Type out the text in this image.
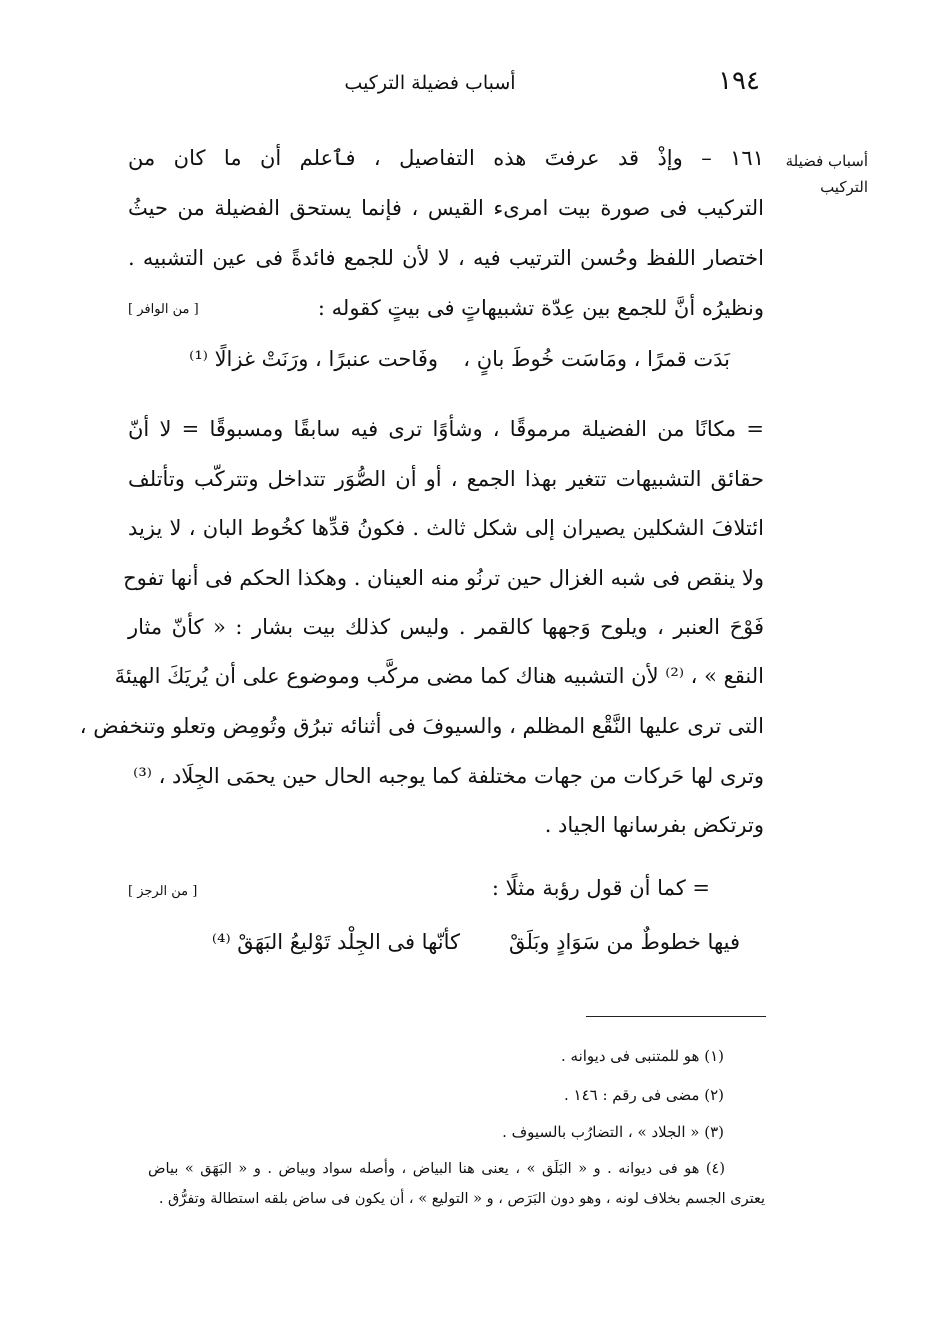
١٩٤
أسباب فضيلة التركيب
أسباب فضيلة
التركيب
١٦١ – وإذْ قد عرفتَ هذه التفاصيل ، فٱعلم أن ما كان من
التركيب فى صورة بيت امرىء القيس ، فإنما يستحق الفضيلة من حيثُ
اختصار اللفظ وحُسن الترتيب فيه ، لا لأن للجمع فائدةً فى عين التشبيه .
ونظيرُه أنَّ للجمع بين عِدّة تشبيهاتٍ فى بيتٍ كقوله :
[ من الوافر ]
بَدَت قمرًا ، ومَاسَت خُوطَ بانٍ ،
وفَاحت عنبرًا ، ورَنَتْ غزالًا ⁽¹⁾
= مكانًا من الفضيلة مرموقًا ، وشأوًا ترى فيه سابقًا ومسبوقًا = لا أنّ
حقائق التشبيهات تتغير بهذا الجمع ، أو أن الصُّوَر تتداخل وتتركّب وتأتلف
ائتلافَ الشكلين يصيران إلى شكل ثالث . فكونُ قدِّها كخُوط البان ، لا يزيد
ولا ينقص فى شبه الغزال حين ترنُو منه العينان . وهكذا الحكم فى أنها تفوح
فَوْحَ العنبر ، ويلوح وَجهها كالقمر . وليس كذلك بيت بشار : « كأنّ مثار
النقع » ، ⁽²⁾ لأن التشبيه هناك كما مضى مركَّب وموضوع على أن يُريَكَ الهيئةَ
التى ترى عليها النَّقْع المظلم ، والسيوفَ فى أثنائه تبرُق وتُومِض وتعلو وتنخفض ،
وترى لها حَركات من جهات مختلفة كما يوجبه الحال حين يحمَى الجِلَاد ، ⁽³⁾
وترتكض بفرسانها الجياد .
= كما أن قول رؤبة مثلًا :
[ من الرجز ]
فيها خطوطٌ من سَوَادٍ وبَلَقْ
كأنّها فى الجِلْد تَوْليعُ البَهَقْ ⁽⁴⁾
(١) هو للمتنبى فى ديوانه .
(٢) مضى فى رقم : ١٤٦ .
(٣) « الجلاد » ، التضارُب بالسيوف .
(٤) هو فى ديوانه . و « البَلَق » ، يعنى هنا البياض ، وأصله سواد وبياض . و « البَهَق » بياض
يعترى الجسم بخلاف لونه ، وهو دون البَرَص ، و « التوليع » ، أن يكون فى ساض بلقه استطالة وتفرُّق .
